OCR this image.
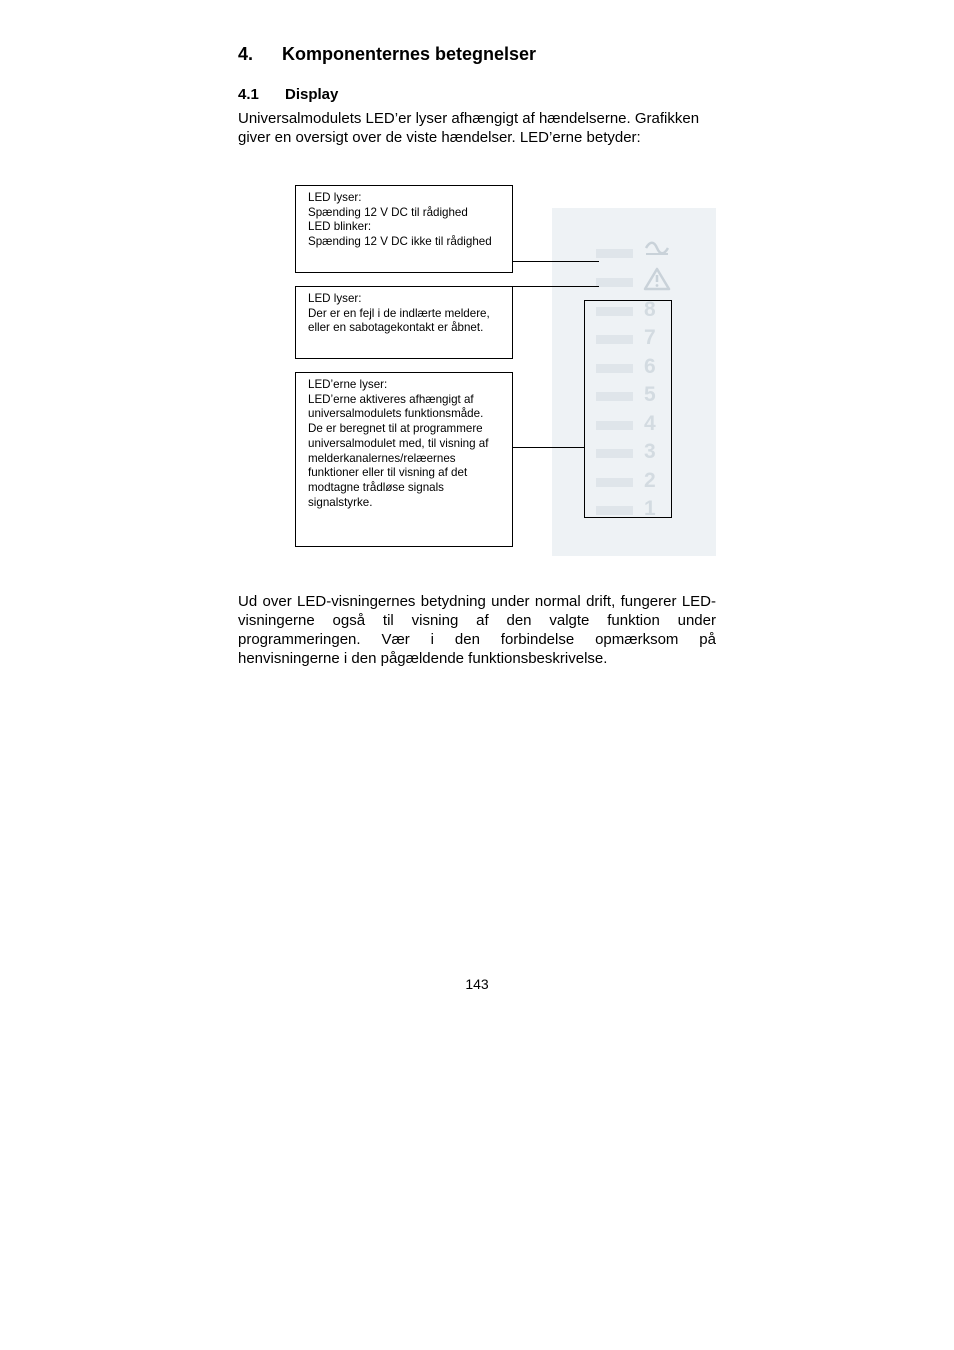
4. Komponenternes betegnelser
4.1 Display
Universalmodulets LED’er lyser afhængigt af hændelserne. Grafikken giver en oversigt over de viste hændelser. LED’erne betyder:
8
7
6
5
4
3
2
1
LED lyser:
Spænding 12 V DC til rådighed
LED blinker:
Spænding 12 V DC ikke til rådighed
LED lyser:
Der er en fejl i de indlærte meldere, eller en sabotagekontakt er åbnet.
LED’erne lyser:
LED’erne aktiveres afhængigt af universalmodulets funktionsmåde.
De er beregnet til at programmere universalmodulet med, til visning af melderkanalernes/relæernes funktioner eller til visning af det modtagne trådløse signals signalstyrke.
Ud over LED-visningernes betydning under normal drift, fungerer LED-visningerne også til visning af den valgte funktion under programmeringen. Vær i den forbindelse opmærksom på henvisningerne i den pågældende funktionsbeskrivelse.
143
